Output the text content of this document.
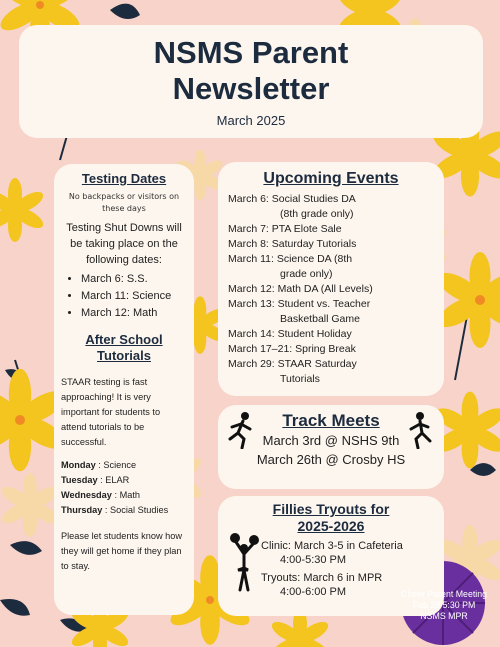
NSMS Parent
Newsletter
March 2025
Testing Dates
No backpacks or visitors on these days
Testing Shut Downs will be taking place on the following dates:
• March 6: S.S.
• March 11: Science
• March 12: Math
After School Tutorials
STAAR testing is fast approaching! It is very important for students to attend tutorials to be successful.
Monday : Science
Tuesday : ELAR
Wednesday : Math
Thursday : Social Studies
Please let students know how they will get home if they plan to stay.
Upcoming Events
March 6: Social Studies DA
(8th grade only)
March 7: PTA Elote Sale
March 8: Saturday Tutorials
March 11: Science DA (8th
grade only)
March 12: Math DA (All Levels)
March 13: Student vs. Teacher
Basketball Game
March 14: Student Holiday
March 17–21: Spring Break
March 29: STAAR Saturday
Tutorials
Track Meets
March 3rd @ NSHS 9th
March 26th @ Crosby HS
Fillies Tryouts for
2025-2026
Clinic: March 3-5 in Cafeteria
4:00-5:30 PM
Tryouts: March 6 in MPR
4:00-6:00 PM	Cheer Parent Meeting
Feb 28 5:30 PM
NSMS MPR
